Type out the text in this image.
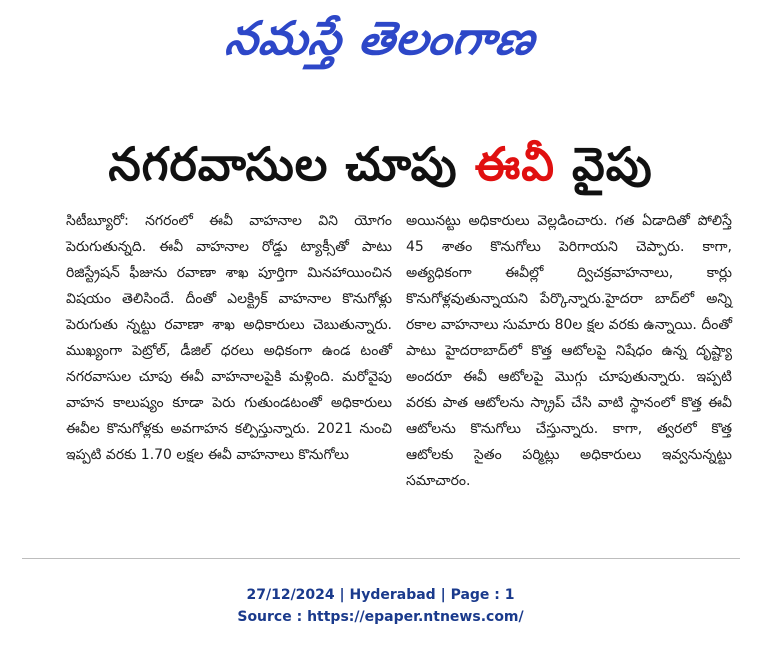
నమస్తే తెలంగాణ
నగరవాసుల చూపు ఈవీ వైపు

సిటీబ్యూరో: నగరంలో ఈవీ వాహనాల విని యోగం పెరుగుతున్నది. ఈవీ వాహనాల రోడ్డు ట్యాక్సీతో పాటు రిజిస్ట్రేషన్ ఫీజును రవాణా శాఖ పూర్తిగా మినహాయించిన విషయం తెలిసిందే. దీంతో ఎలక్ట్రిక్ వాహనాల కొనుగోళ్లు పెరుగుతు న్నట్టు రవాణా శాఖ అధికారులు చెబుతున్నారు. ముఖ్యంగా పెట్రోల్, డీజిల్ ధరలు అధికంగా ఉండ టంతో నగరవాసుల చూపు ఈవీ వాహనాలపైకి మళ్లింది. మరోవైపు వాహన కాలుష్యం కూడా పెరు గుతుండటంతో అధికారులు ఈవీల కొనుగోళ్లకు అవగాహన కల్పిస్తున్నారు. 2021 నుంచి ఇప్పటి వరకు 1.70 లక్షల ఈవీ వాహనాలు కొనుగోలు

అయినట్టు అధికారులు వెల్లడించారు. గత ఏడాదితో పోలిస్తే 45 శాతం కొనుగోలు పెరిగాయని చెప్పారు. కాగా, అత్యధికంగా ఈవీల్లో ద్విచక్రవాహనాలు, కార్లు కొనుగోళ్లవుతున్నాయని పేర్కొన్నారు.హైదరా బాద్‌లో అన్ని రకాల వాహనాలు సుమారు 80ల క్షల వరకు ఉన్నాయి. దీంతో పాటు హైదరాబాద్‌లో కొత్త ఆటోలపై నిషేధం ఉన్న దృష్ట్యా అందరూ ఈవీ ఆటోలపై మొగ్గు చూపుతున్నారు. ఇప్పటి వరకు పాత ఆటోలను స్క్రాప్ చేసి వాటి స్థానంలో కొత్త ఈవీ ఆటోలను కొనుగోలు చేస్తున్నారు. కాగా, త్వరలో కొత్త ఆటోలకు సైతం పర్మిట్లు అధికారులు ఇవ్వనున్నట్టు సమాచారం.

27/12/2024 | Hyderabad | Page : 1
Source : https://epaper.ntnews.com/
